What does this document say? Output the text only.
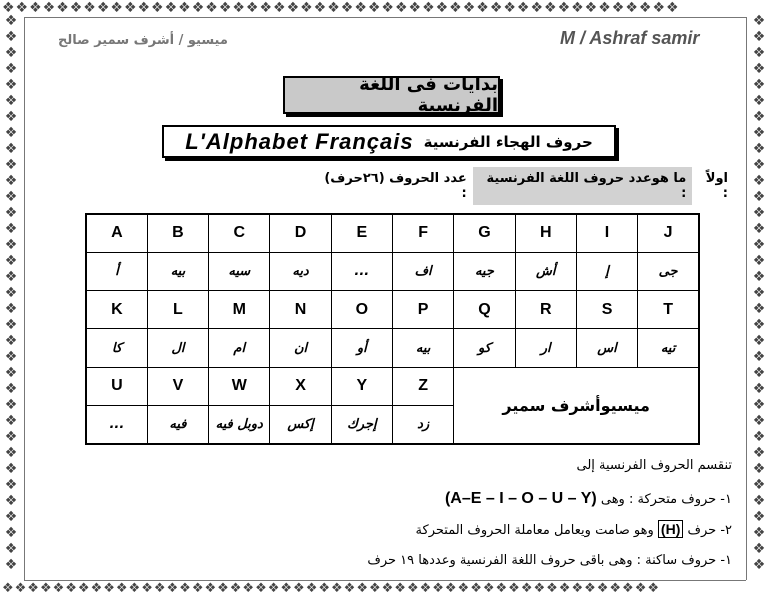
❖❖❖❖❖❖❖❖❖❖❖❖❖❖❖❖❖❖❖❖❖❖❖❖❖❖❖❖❖❖❖❖❖❖❖❖❖❖❖❖❖❖❖❖❖❖❖❖❖❖
❖❖❖❖❖❖❖❖❖❖❖❖❖❖❖❖❖❖❖❖❖❖❖❖❖❖❖❖❖❖❖❖❖❖❖❖❖❖❖❖❖❖❖❖❖❖❖❖❖❖❖❖
❖
❖
❖
❖
❖
❖
❖
❖
❖
❖
❖
❖
❖
❖
❖
❖
❖
❖
❖
❖
❖
❖
❖
❖
❖
❖
❖
❖
❖
❖
❖
❖
❖
❖
❖
❖
❖
❖
❖
❖
❖
❖
❖
❖
❖
❖
❖
❖
❖
❖
❖
❖
❖
❖
❖
❖
❖
❖
❖
❖
❖
❖
❖
❖
❖
❖
❖
❖
❖
❖
ميسيو / أشرف سمير صالح	M / Ashraf samir
بدايات فى اللغة الفرنسية
L'Alphabet Français حروف الهجاء الفرنسية
اولاً :
ما هوعدد حروف اللغة الفرنسية :
عدد الحروف (٢٦حرف) :
A	B	C	D	E	F	G	H	I	J
أ	بيه	سيه	ديه	...	اف	جيه	أش	إ	جى
K	L	M	N	O	P	Q	R	S	T
كا	ال	ام	ان	أو	بيه	كو	ار	اس	تيه
U	V	W	X	Y	Z	ميسيوأشرف سمير			
...	فيه	دوبل فيه	إكس	إجرك	زد				
تنقسم الحروف الفرنسية إلى
١- حروف متحركة : وهى (A–E – I – O – U – Y)
٢- حرف (H) وهو صامت ويعامل معاملة الحروف المتحركة
١- حروف ساكنة : وهى باقى حروف اللغة الفرنسية وعددها ١٩ حرف
